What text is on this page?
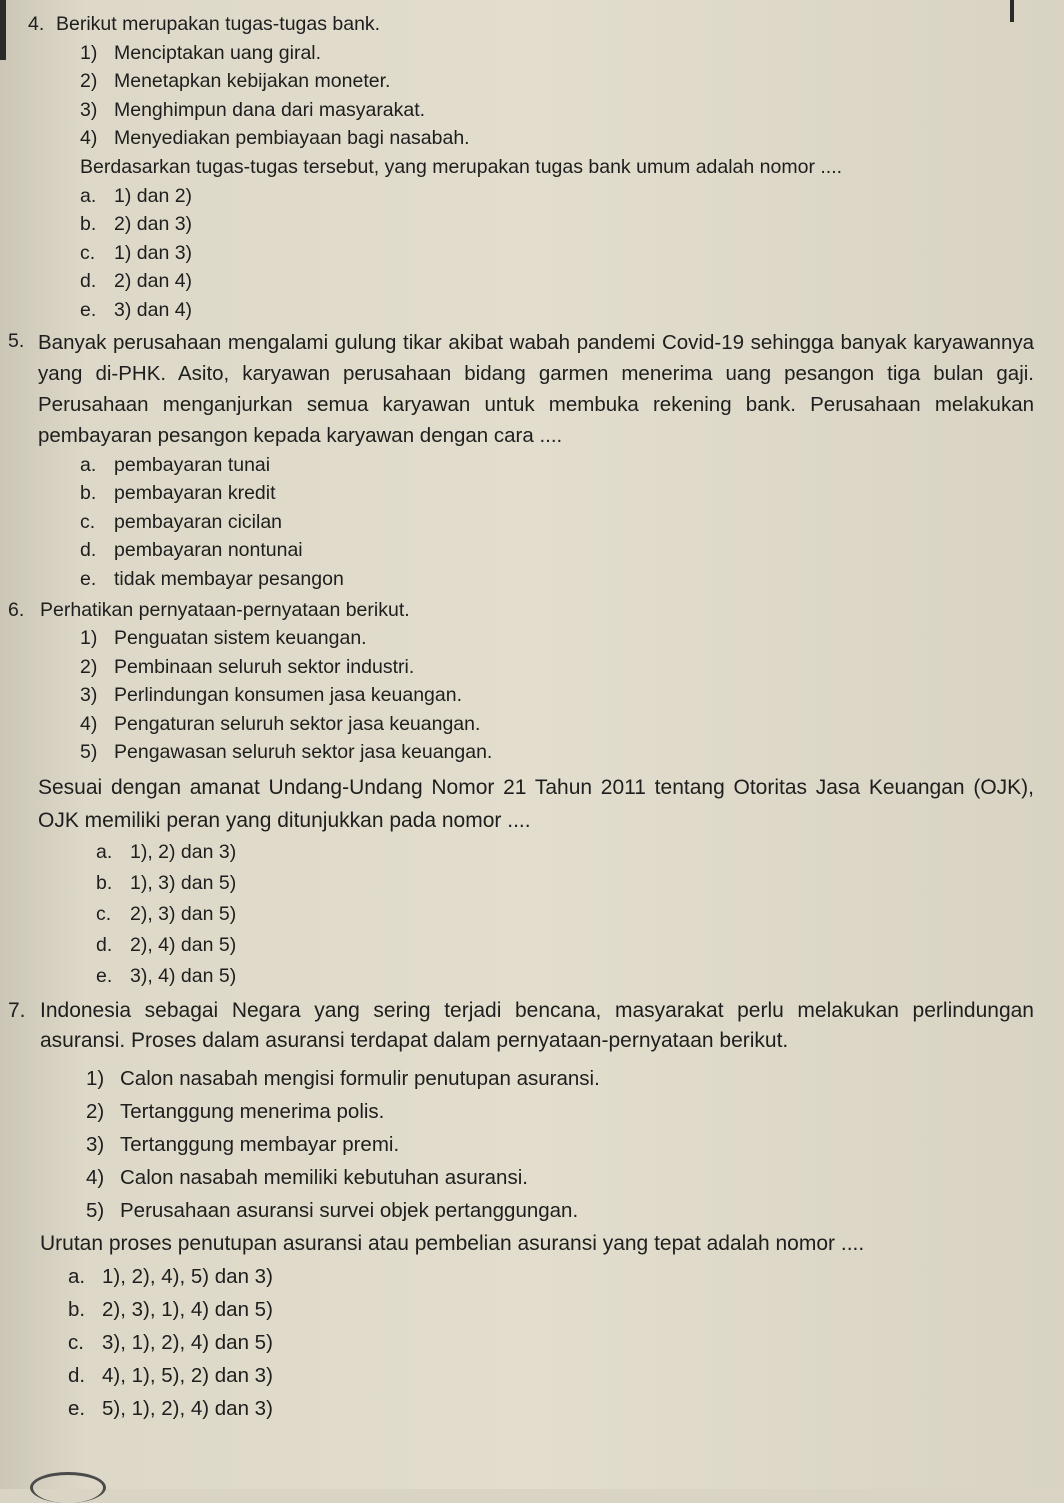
4. Berikut merupakan tugas-tugas bank.
1) Menciptakan uang giral.
2) Menetapkan kebijakan moneter.
3) Menghimpun dana dari masyarakat.
4) Menyediakan pembiayaan bagi nasabah.
Berdasarkan tugas-tugas tersebut, yang merupakan tugas bank umum adalah nomor ....
a. 1) dan 2)
b. 2) dan 3)
c. 1) dan 3)
d. 2) dan 4)
e. 3) dan 4)
5. Banyak perusahaan mengalami gulung tikar akibat wabah pandemi Covid-19 sehingga banyak karyawannya yang di-PHK. Asito, karyawan perusahaan bidang garmen menerima uang pesangon tiga bulan gaji. Perusahaan menganjurkan semua karyawan untuk membuka rekening bank. Perusahaan melakukan pembayaran pesangon kepada karyawan dengan cara ....
a. pembayaran tunai
b. pembayaran kredit
c. pembayaran cicilan
d. pembayaran nontunai
e. tidak membayar pesangon
6. Perhatikan pernyataan-pernyataan berikut.
1) Penguatan sistem keuangan.
2) Pembinaan seluruh sektor industri.
3) Perlindungan konsumen jasa keuangan.
4) Pengaturan seluruh sektor jasa keuangan.
5) Pengawasan seluruh sektor jasa keuangan.
Sesuai dengan amanat Undang-Undang Nomor 21 Tahun 2011 tentang Otoritas Jasa Keuangan (OJK), OJK memiliki peran yang ditunjukkan pada nomor ....
a. 1), 2) dan 3)
b. 1), 3) dan 5)
c. 2), 3) dan 5)
d. 2), 4) dan 5)
e. 3), 4) dan 5)
7. Indonesia sebagai Negara yang sering terjadi bencana, masyarakat perlu melakukan perlindungan asuransi. Proses dalam asuransi terdapat dalam pernyataan-pernyataan berikut.
1) Calon nasabah mengisi formulir penutupan asuransi.
2) Tertanggung menerima polis.
3) Tertanggung membayar premi.
4) Calon nasabah memiliki kebutuhan asuransi.
5) Perusahaan asuransi survei objek pertanggungan.
Urutan proses penutupan asuransi atau pembelian asuransi yang tepat adalah nomor ....
a. 1), 2), 4), 5) dan 3)
b. 2), 3), 1), 4) dan 5)
c. 3), 1), 2), 4) dan 5)
d. 4), 1), 5), 2) dan 3)
e. 5), 1), 2), 4) dan 3)
